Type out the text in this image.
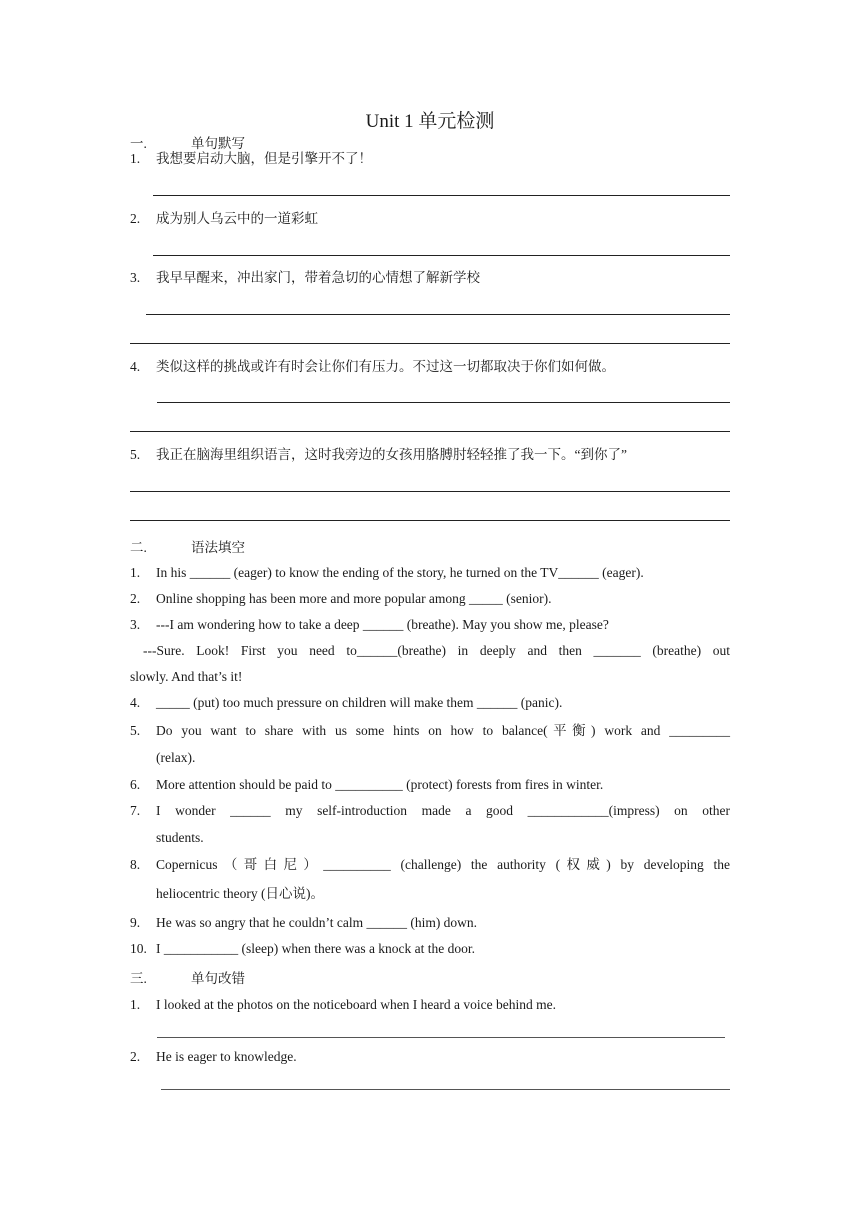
Unit 1 单元检测
一.	单句默写
1. 我想要启动大脑，但是引擎开不了！
2. 成为别人乌云中的一道彩虹
3. 我早早醒来，冲出家门，带着急切的心情想了解新学校
4. 类似这样的挑战或许有时会让你们有压力。不过这一切都取决于你们如何做。
5. 我正在脑海里组织语言，这时我旁边的女孩用胳膊肘轻轻推了我一下。“到你了”
二.	语法填空
1. In his ______ (eager) to know the ending of the story, he turned on the TV______ (eager).
2. Online shopping has been more and more popular among _____ (senior).
3. ---I am wondering how to take a deep ______ (breathe). May you show me, please?
---Sure. Look! First you need to______(breathe) in deeply and then _______ (breathe) out
slowly. And that’s it!
4. _____ (put) too much pressure on children will make them ______ (panic).
5. Do you want to share with us some hints on how to balance(平衡) work and _________
(relax).
6. More attention should be paid to __________ (protect) forests from fires in winter.
7. I wonder ______ my self-introduction made a good ____________(impress) on other
students.
8. Copernicus（哥白尼）__________ (challenge) the authority (权威) by developing the
heliocentric theory (日心说)。
9. He was so angry that he couldn’t calm ______ (him) down.
10. I ___________ (sleep) when there was a knock at the door.
三.	单句改错
1. I looked at the photos on the noticeboard when I heard a voice behind me.
2. He is eager to knowledge.
